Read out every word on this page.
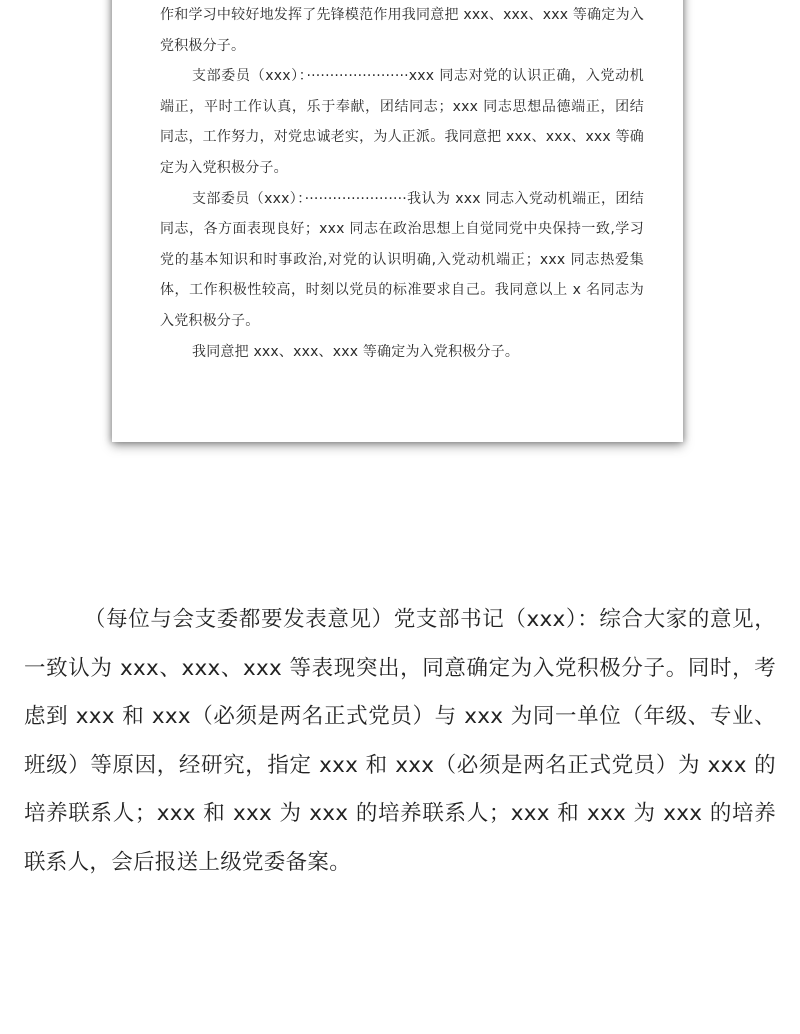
作和学习中较好地发挥了先锋模范作用我同意把 xxx、xxx、xxx 等确定为入党积极分子。

支部委员（xxx）：······················xxx 同志对党的认识正确，入党动机端正，平时工作认真，乐于奉献，团结同志；xxx 同志思想品德端正，团结同志，工作努力，对党忠诚老实，为人正派。我同意把 xxx、xxx、xxx 等确定为入党积极分子。

支部委员（xxx）：······················我认为 xxx 同志入党动机端正，团结同志，各方面表现良好；xxx 同志在政治思想上自觉同党中央保持一致,学习党的基本知识和时事政治,对党的认识明确,入党动机端正；xxx 同志热爱集体，工作积极性较高，时刻以党员的标准要求自己。我同意以上 x 名同志为入党积极分子。

我同意把 xxx、xxx、xxx 等确定为入党积极分子。

（每位与会支委都要发表意见）党支部书记（xxx）：综合大家的意见，一致认为 xxx、xxx、xxx 等表现突出，同意确定为入党积极分子。同时，考虑到 xxx 和 xxx（必须是两名正式党员）与 xxx 为同一单位（年级、专业、班级）等原因，经研究，指定 xxx 和 xxx（必须是两名正式党员）为 xxx 的培养联系人；xxx 和 xxx 为 xxx 的培养联系人；xxx 和 xxx 为 xxx 的培养联系人，会后报送上级党委备案。
